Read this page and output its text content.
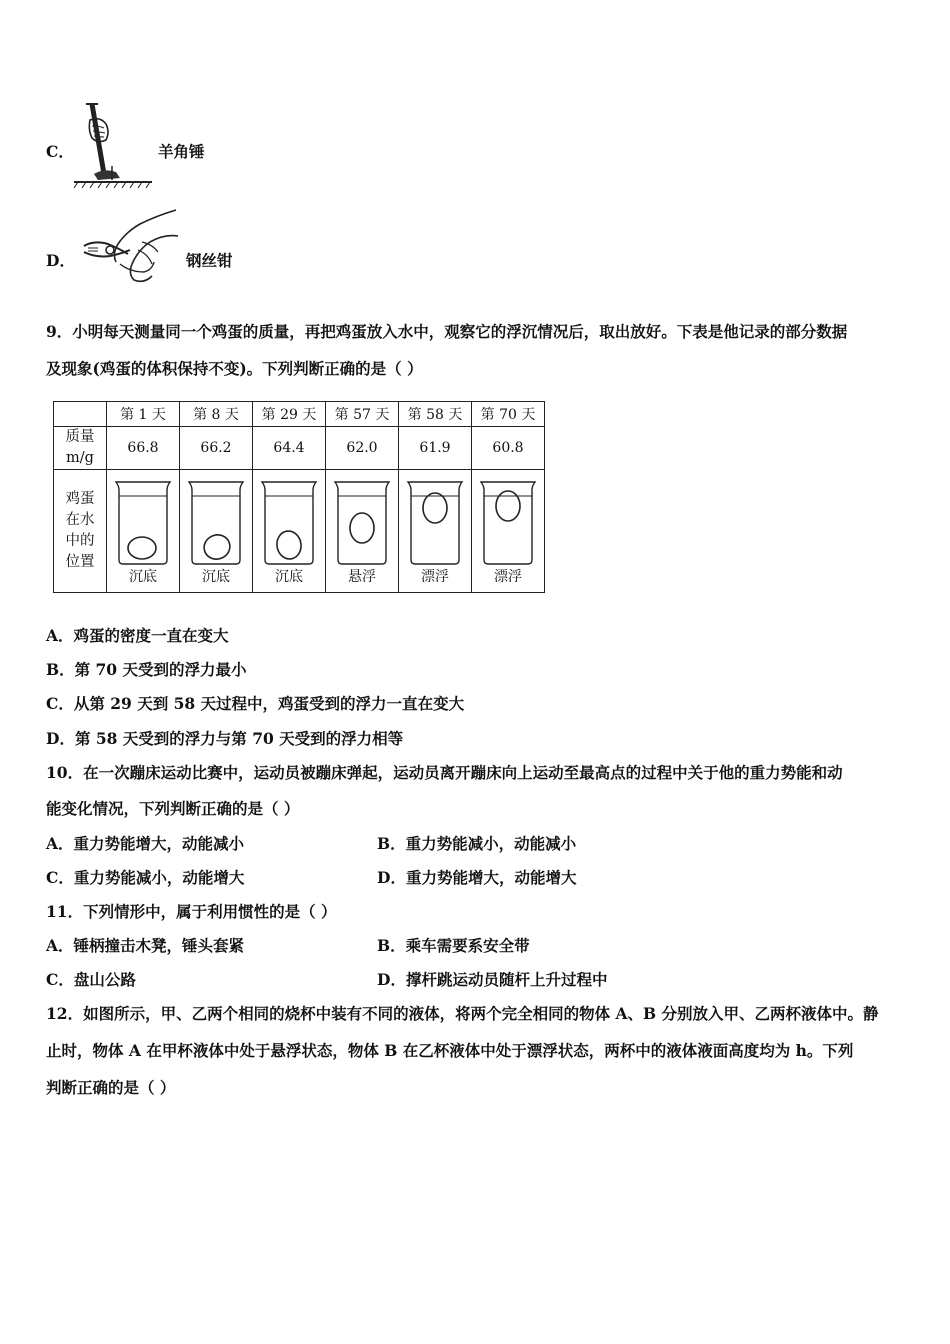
C．	羊角锤
D．	钢丝钳
9．小明每天测量同一个鸡蛋的质量，再把鸡蛋放入水中，观察它的浮沉情况后，取出放好。下表是他记录的部分数据
及现象(鸡蛋的体积保持不变)。下列判断正确的是（ ）
	第 1 天	第 8 天	第 29 天	第 57 天	第 58 天	第 70 天

质量
m/g	66.8	66.2	64.4	62.0	61.9	60.8

鸡蛋
在水
中的
位置	沉底	沉底	沉底	悬浮	漂浮	漂浮
A．鸡蛋的密度一直在变大
B．第 70 天受到的浮力最小
C．从第 29 天到 58 天过程中，鸡蛋受到的浮力一直在变大
D．第 58 天受到的浮力与第 70 天受到的浮力相等
10．在一次蹦床运动比赛中，运动员被蹦床弹起，运动员离开蹦床向上运动至最高点的过程中关于他的重力势能和动
能变化情况，下列判断正确的是（ ）
A．重力势能增大，动能减小	B．重力势能减小，动能减小
C．重力势能减小，动能增大	D．重力势能增大，动能增大
11．下列情形中，属于利用惯性的是（ ）
A．锤柄撞击木凳，锤头套紧	B．乘车需要系安全带
C．盘山公路	D．撑杆跳运动员随杆上升过程中
12．如图所示，甲、乙两个相同的烧杯中装有不同的液体，将两个完全相同的物体 A、B 分别放入甲、乙两杯液体中。静
止时，物体 A 在甲杯液体中处于悬浮状态，物体 B 在乙杯液体中处于漂浮状态，两杯中的液体液面高度均为 h。下列
判断正确的是（ ）
